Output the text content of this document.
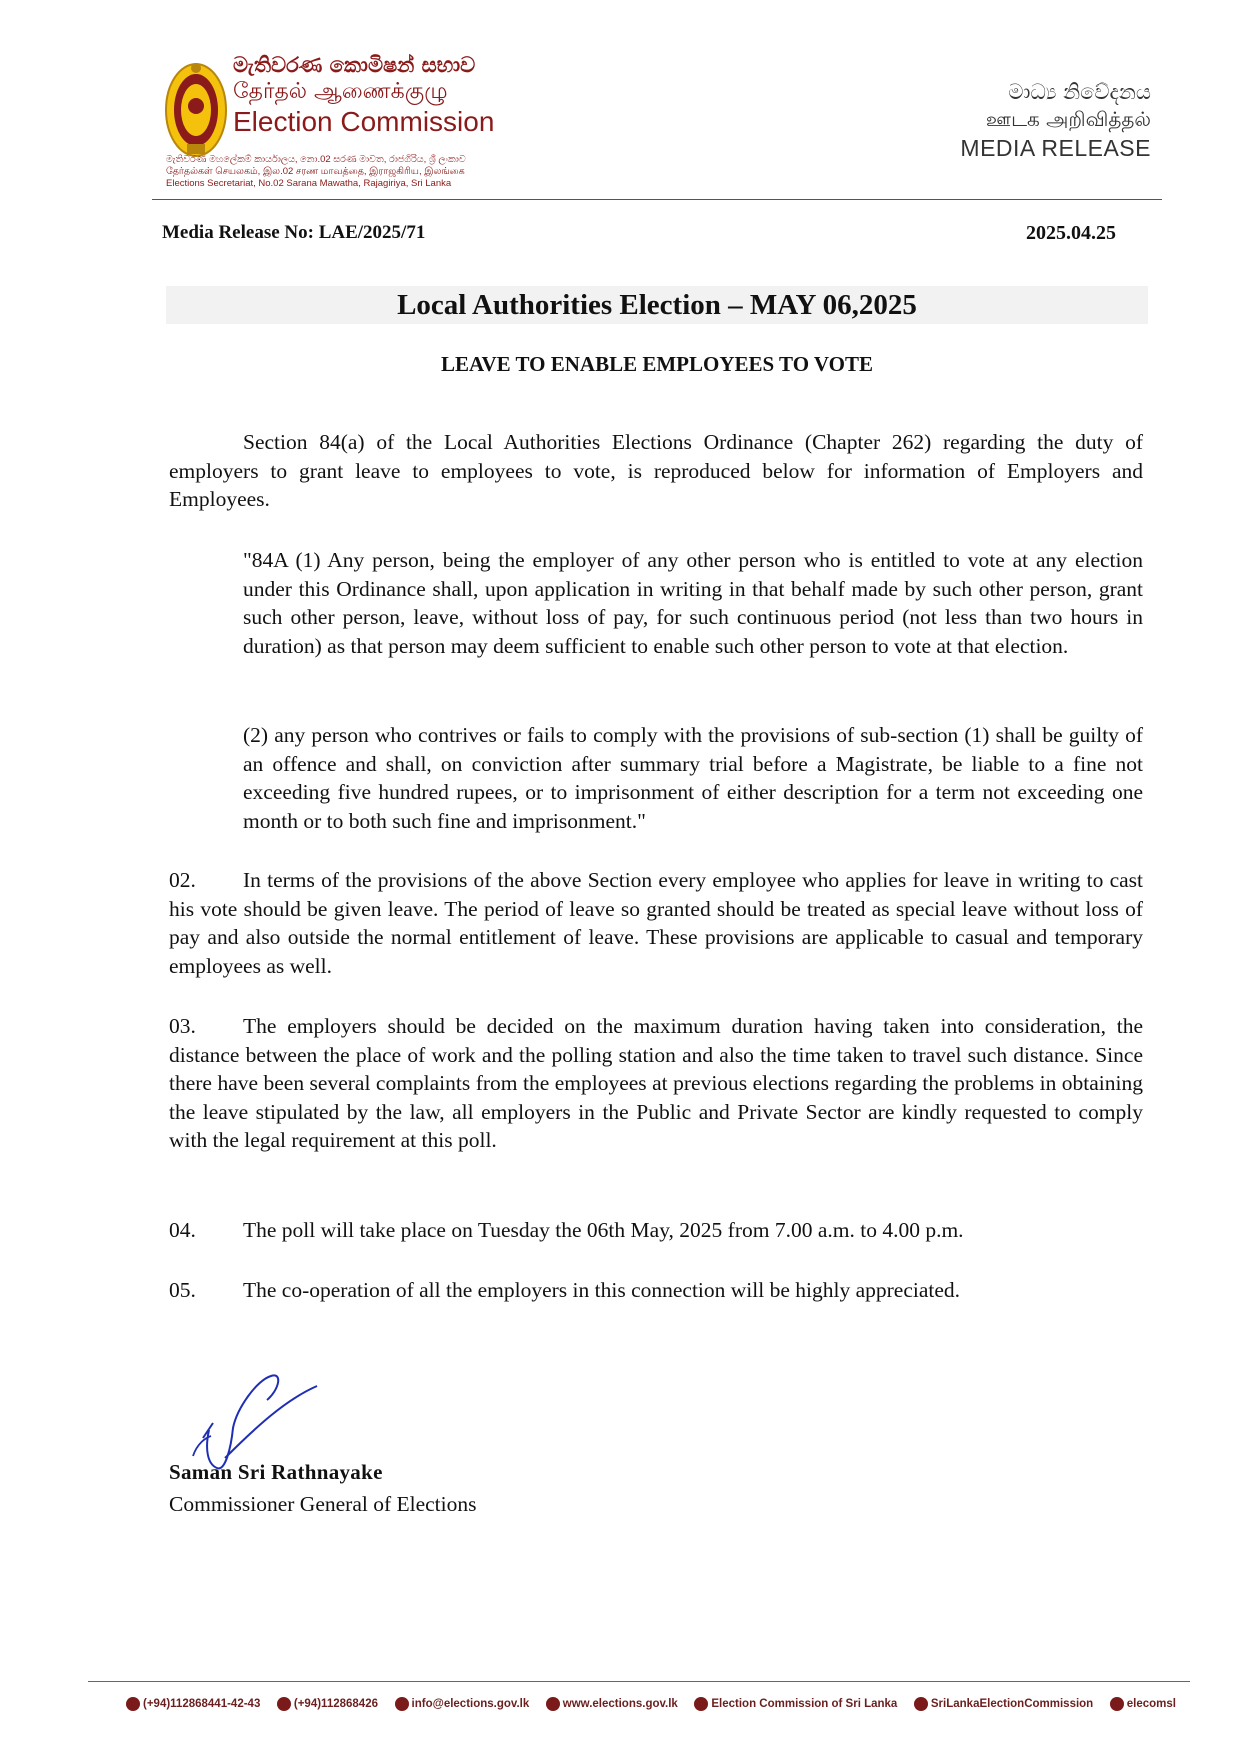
මැතිවරණ කොමිෂන් සභාව
தேர்தல் ஆணைக்குழு
Election Commission
මැතිවරණ මහලේකම් කාර්යාලය, නො.02 සරණ මාවත, රාජගිරිය, ශ්‍රී ලංකාව
தேர்தல்கள் செயலகம், இல.02 சரண மாவத்தை, இராஜகிரிய, இலங்கை
Elections Secretariat, No.02 Sarana Mawatha, Rajagiriya, Sri Lanka
මාධ්‍ය නිවේදනය
ஊடக அறிவித்தல்
MEDIA RELEASE
Media Release No: LAE/2025/71	2025.04.25
Local Authorities Election – MAY 06,2025
LEAVE TO ENABLE EMPLOYEES TO VOTE
Section 84(a) of the Local Authorities Elections Ordinance (Chapter 262) regarding the duty of employers to grant leave to employees to vote, is reproduced below for information of Employers and Employees.
"84A (1) Any person, being the employer of any other person who is entitled to vote at any election under this Ordinance shall, upon application in writing in that behalf made by such other person, grant such other person, leave, without loss of pay, for such continuous period (not less than two hours in duration) as that person may deem sufficient to enable such other person to vote at that election.
(2) any person who contrives or fails to comply with the provisions of sub-section (1) shall be guilty of an offence and shall, on conviction after summary trial before a Magistrate, be liable to a fine not exceeding five hundred rupees, or to imprisonment of either description for a term not exceeding one month or to both such fine and imprisonment."
02. In terms of the provisions of the above Section every employee who applies for leave in writing to cast his vote should be given leave. The period of leave so granted should be treated as special leave without loss of pay and also outside the normal entitlement of leave. These provisions are applicable to casual and temporary employees as well.
03. The employers should be decided on the maximum duration having taken into consideration, the distance between the place of work and the polling station and also the time taken to travel such distance. Since there have been several complaints from the employees at previous elections regarding the problems in obtaining the leave stipulated by the law, all employers in the Public and Private Sector are kindly requested to comply with the legal requirement at this poll.
04. The poll will take place on Tuesday the 06th May, 2025 from 7.00 a.m. to 4.00 p.m.
05. The co-operation of all the employers in this connection will be highly appreciated.
Saman Sri Rathnayake
Commissioner General of Elections
(+94)112868441-42-43	(+94)112868426	info@elections.gov.lk	www.elections.gov.lk	Election Commission of Sri Lanka	SriLankaElectionCommission	elecomsl
